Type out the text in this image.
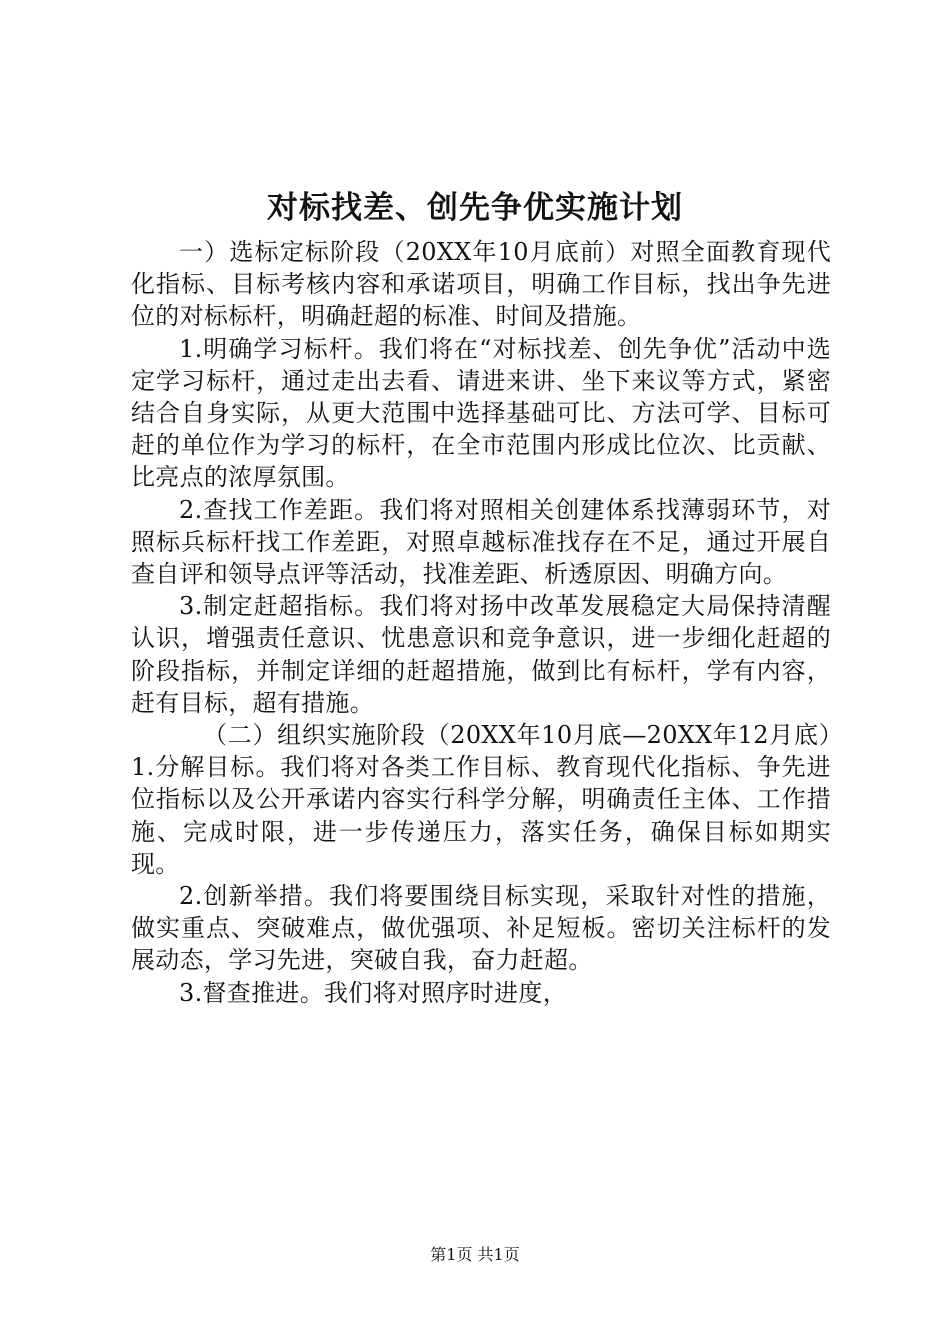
对标找差、创先争优实施计划

一）选标定标阶段（20XX年10月底前）对照全面教育现代化指标、目标考核内容和承诺项目，明确工作目标，找出争先进位的对标标杆，明确赶超的标准、时间及措施。

1.明确学习标杆。我们将在“对标找差、创先争优”活动中选定学习标杆，通过走出去看、请进来讲、坐下来议等方式，紧密结合自身实际，从更大范围中选择基础可比、方法可学、目标可赶的单位作为学习的标杆，在全市范围内形成比位次、比贡献、比亮点的浓厚氛围。

2.查找工作差距。我们将对照相关创建体系找薄弱环节，对照标兵标杆找工作差距，对照卓越标准找存在不足，通过开展自查自评和领导点评等活动，找准差距、析透原因、明确方向。

3.制定赶超指标。我们将对扬中改革发展稳定大局保持清醒认识，增强责任意识、忧患意识和竞争意识，进一步细化赶超的阶段指标，并制定详细的赶超措施，做到比有标杆，学有内容，赶有目标，超有措施。

（二）组织实施阶段（20XX年10月底—20XX年12月底）1.分解目标。我们将对各类工作目标、教育现代化指标、争先进位指标以及公开承诺内容实行科学分解，明确责任主体、工作措施、完成时限，进一步传递压力，落实任务，确保目标如期实现。

2.创新举措。我们将要围绕目标实现，采取针对性的措施，做实重点、突破难点，做优强项、补足短板。密切关注标杆的发展动态，学习先进，突破自我，奋力赶超。

3.督查推进。我们将对照序时进度，

第1页 共1页
